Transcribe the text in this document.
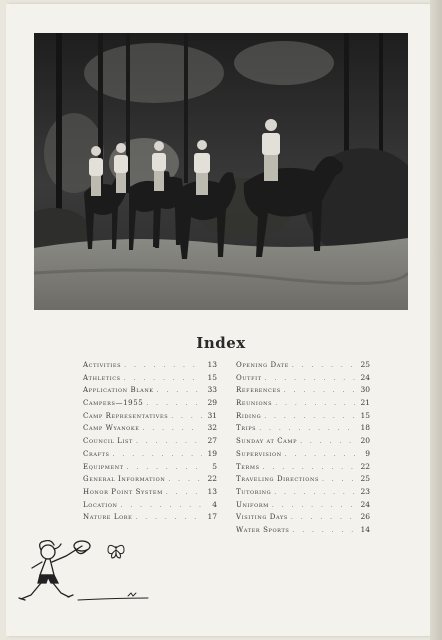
Index
Activities . . .	13
Athletics . . .	15
Application Blank . . .	33
Campers—1955 . . .	29
Camp Representatives . . .	31
Camp Wyanoke . . .	32
Council List . . .	27
Crafts . . .	19
Equipment . . .	5
General Information . . .	22
Honor Point System . . .	13
Location . . .	4
Nature Lore . . .	17
Opening Date . . .	25
Outfit . . .	24
References . . .	30
Reunions . . .	21
Riding . . .	15
Trips . . .	18
Sunday at Camp . . .	20
Supervision . . .	9
Terms . . .	22
Traveling Directions . . .	25
Tutoring . . .	23
Uniform . . .	24
Visiting Days . . .	26
Water Sports . . .	14
